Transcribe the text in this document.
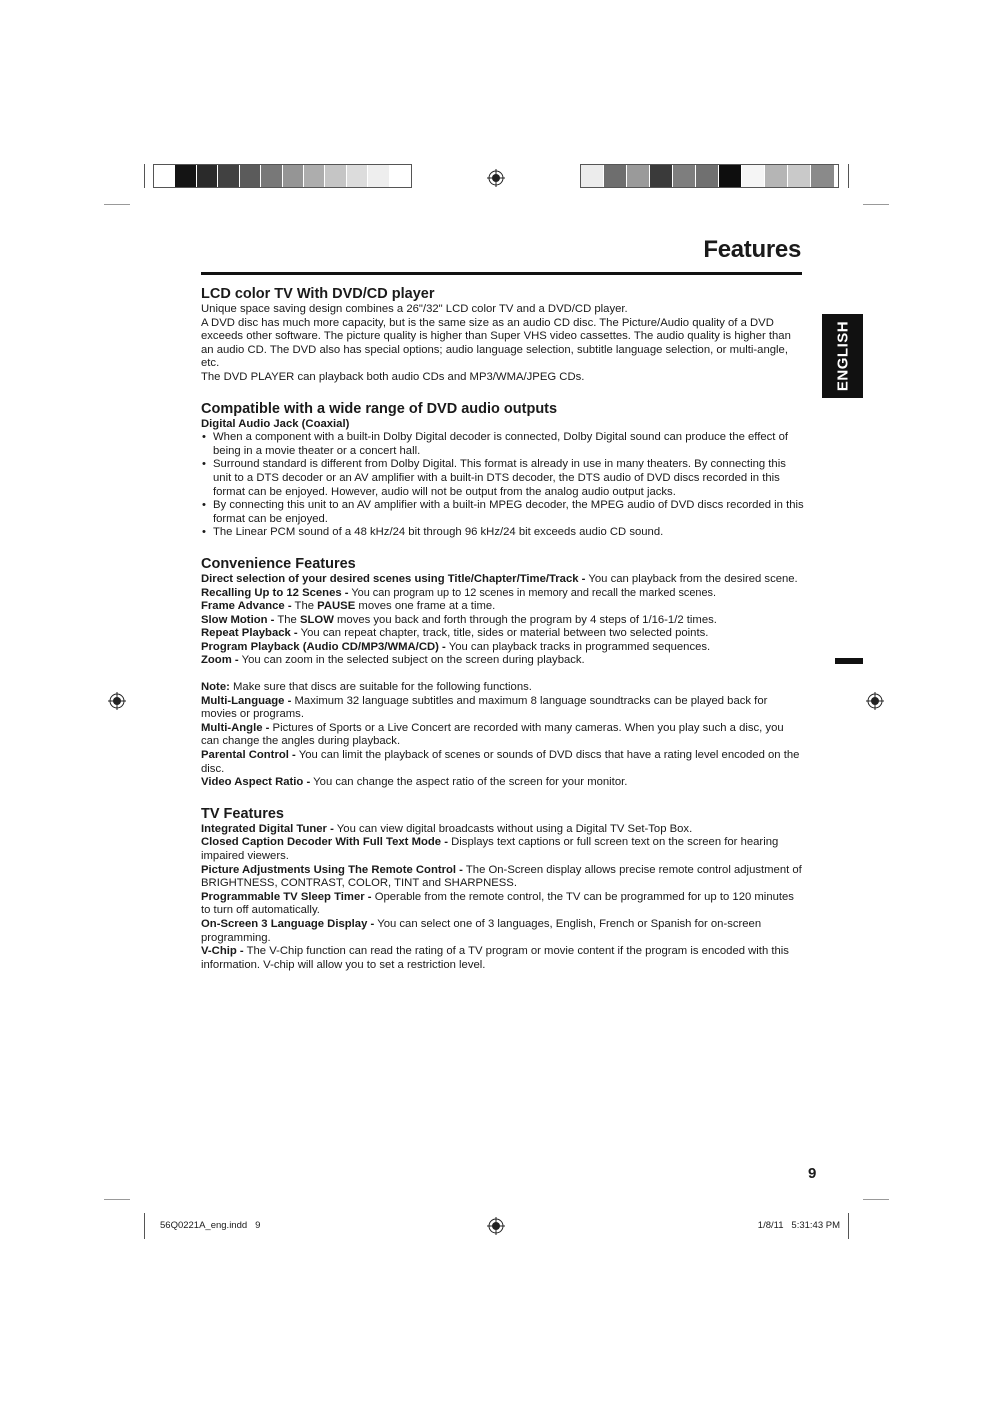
Features
ENGLISH

LCD color TV With DVD/CD player

Unique space saving design combines a 26"/32" LCD color TV and a DVD/CD player.

A DVD disc has much more capacity, but is the same size as an audio CD disc. The Picture/Audio quality of a DVD exceeds other software. The picture quality is higher than Super VHS video cassettes. The audio quality is higher than an audio CD. The DVD also has special options; audio language selection, subtitle language selection, or multi-angle, etc.

The DVD PLAYER can playback both audio CDs and MP3/WMA/JPEG CDs.

Compatible with a wide range of DVD audio outputs

Digital Audio Jack (Coaxial)

• When a component with a built-in Dolby Digital decoder is connected, Dolby Digital sound can produce the effect of being in a movie theater or a concert hall.
• Surround standard is different from Dolby Digital. This format is already in use in many theaters. By connecting this unit to a DTS decoder or an AV amplifier with a built-in DTS decoder, the DTS audio of DVD discs recorded in this format can be enjoyed. However, audio will not be output from the analog audio output jacks.
• By connecting this unit to an AV amplifier with a built-in MPEG decoder, the MPEG audio of DVD discs recorded in this format can be enjoyed.
• The Linear PCM sound of a 48 kHz/24 bit through 96 kHz/24 bit exceeds audio CD sound.

Convenience Features

Direct selection of your desired scenes using Title/Chapter/Time/Track - You can playback from the desired scene.

Recalling Up to 12 Scenes - You can program up to 12 scenes in memory and recall the marked scenes.

Frame Advance - The PAUSE moves one frame at a time.

Slow Motion - The SLOW moves you back and forth through the program by 4 steps of 1/16-1/2 times.

Repeat Playback - You can repeat chapter, track, title, sides or material between two selected points.

Program Playback (Audio CD/MP3/WMA/CD) - You can playback tracks in programmed sequences.

Zoom - You can zoom in the selected subject on the screen during playback.

Note: Make sure that discs are suitable for the following functions.

Multi-Language - Maximum 32 language subtitles and maximum 8 language soundtracks can be played back for movies or programs.

Multi-Angle - Pictures of Sports or a Live Concert are recorded with many cameras. When you play such a disc, you can change the angles during playback.

Parental Control - You can limit the playback of scenes or sounds of DVD discs that have a rating level encoded on the disc.

Video Aspect Ratio - You can change the aspect ratio of the screen for your monitor.

TV Features

Integrated Digital Tuner - You can view digital broadcasts without using a Digital TV Set-Top Box.

Closed Caption Decoder With Full Text Mode - Displays text captions or full screen text on the screen for hearing impaired viewers.

Picture Adjustments Using The Remote Control - The On-Screen display allows precise remote control adjustment of BRIGHTNESS, CONTRAST, COLOR, TINT and SHARPNESS.

Programmable TV Sleep Timer - Operable from the remote control, the TV can be programmed for up to 120 minutes to turn off automatically.

On-Screen 3 Language Display - You can select one of 3 languages, English, French or Spanish for on-screen programming.

V-Chip - The V-Chip function can read the rating of a TV program or movie content if the program is encoded with this information. V-chip will allow you to set a restriction level.

9
56Q0221A_eng.indd   9	1/8/11   5:31:43 PM
